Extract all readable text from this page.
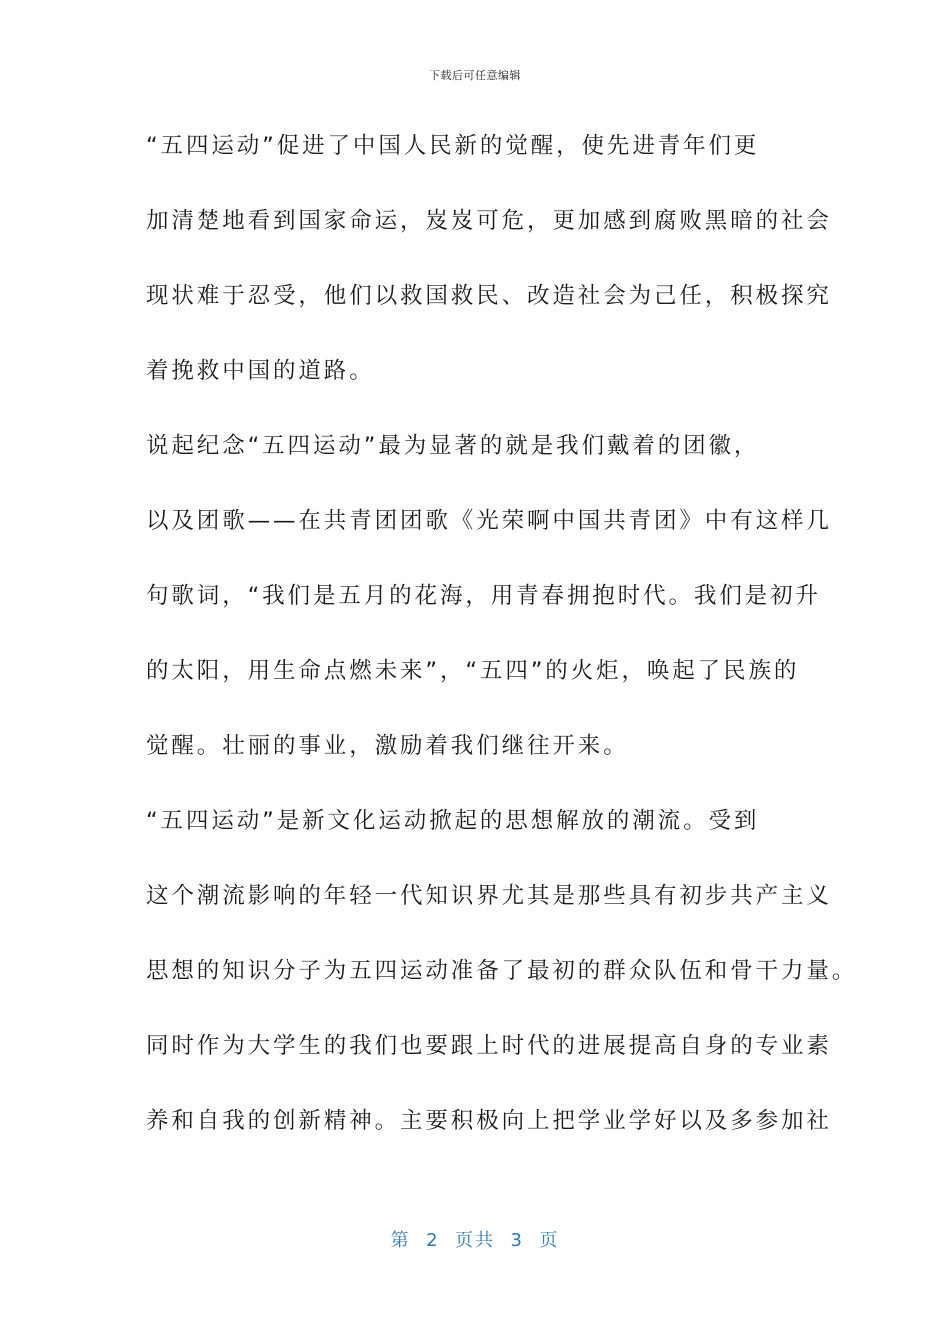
下载后可任意编辑
“五四运动”促进了中国人民新的觉醒，使先进青年们更
加清楚地看到国家命运，岌岌可危，更加感到腐败黑暗的社会
现状难于忍受，他们以救国救民、改造社会为己任，积极探究
着挽救中国的道路。
说起纪念“五四运动”最为显著的就是我们戴着的团徽，
以及团歌——在共青团团歌《光荣啊中国共青团》中有这样几
句歌词，“我们是五月的花海，用青春拥抱时代。我们是初升
的太阳，用生命点燃未来”，“五四”的火炬，唤起了民族的
觉醒。壮丽的事业，激励着我们继往开来。
“五四运动”是新文化运动掀起的思想解放的潮流。受到
这个潮流影响的年轻一代知识界尤其是那些具有初步共产主义
思想的知识分子为五四运动准备了最初的群众队伍和骨干力量。
同时作为大学生的我们也要跟上时代的进展提高自身的专业素
养和自我的创新精神。主要积极向上把学业学好以及多参加社
第  2  页共  3  页
